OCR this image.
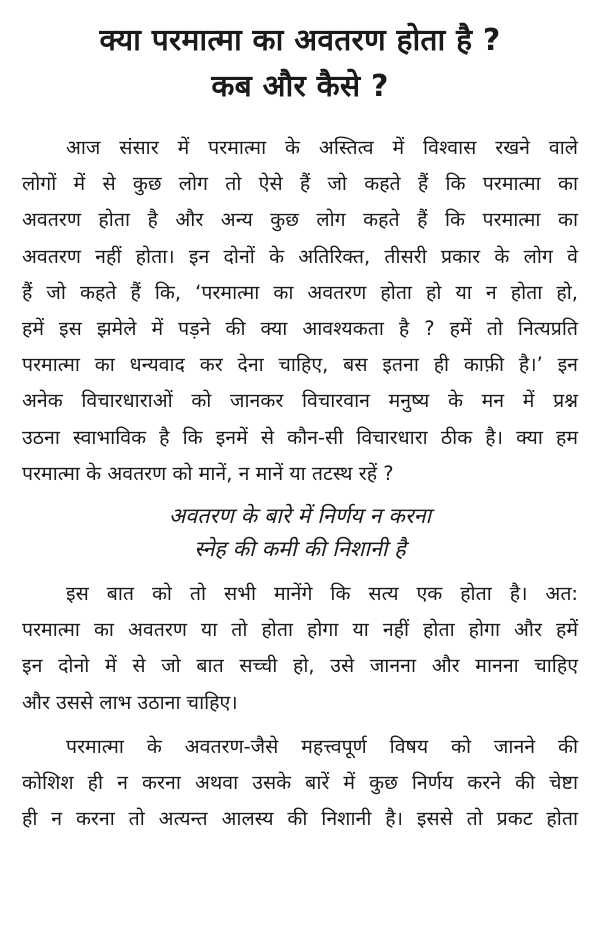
क्या परमात्मा का अवतरण होता है ?
कब और कैसे ?
आज संसार में परमात्मा के अस्तित्व में विश्वास रखने वाले
लोगों में से कुछ लोग तो ऐसे हैं जो कहते हैं कि परमात्मा का
अवतरण होता है और अन्य कुछ लोग कहते हैं कि परमात्मा का
अवतरण नहीं होता। इन दोनों के अतिरिक्त, तीसरी प्रकार के लोग वे
हैं जो कहते हैं कि, ‘परमात्मा का अवतरण होता हो या न होता हो,
हमें इस झमेले में पड़ने की क्या आवश्यकता है ? हमें तो नित्यप्रति
परमात्मा का धन्यवाद कर देना चाहिए, बस इतना ही काफ़ी है।’ इन
अनेक विचारधाराओं को जानकर विचारवान मनुष्य के मन में प्रश्न
उठना स्वाभाविक है कि इनमें से कौन-सी विचारधारा ठीक है। क्या हम
परमात्मा के अवतरण को मानें, न मानें या तटस्थ रहें ?
अवतरण के बारे में निर्णय न करना
स्नेह की कमी की निशानी है
इस बात को तो सभी मानेंगे कि सत्य एक होता है। अत:
परमात्मा का अवतरण या तो होता होगा या नहीं होता होगा और हमें
इन दोनो में से जो बात सच्ची हो, उसे जानना और मानना चाहिए
और उससे लाभ उठाना चाहिए।
परमात्मा के अवतरण-जैसे महत्त्वपूर्ण विषय को जानने की
कोशिश ही न करना अथवा उसके बारें में कुछ निर्णय करने की चेष्टा
ही न करना तो अत्यन्त आलस्य की निशानी है। इससे तो प्रकट होता
